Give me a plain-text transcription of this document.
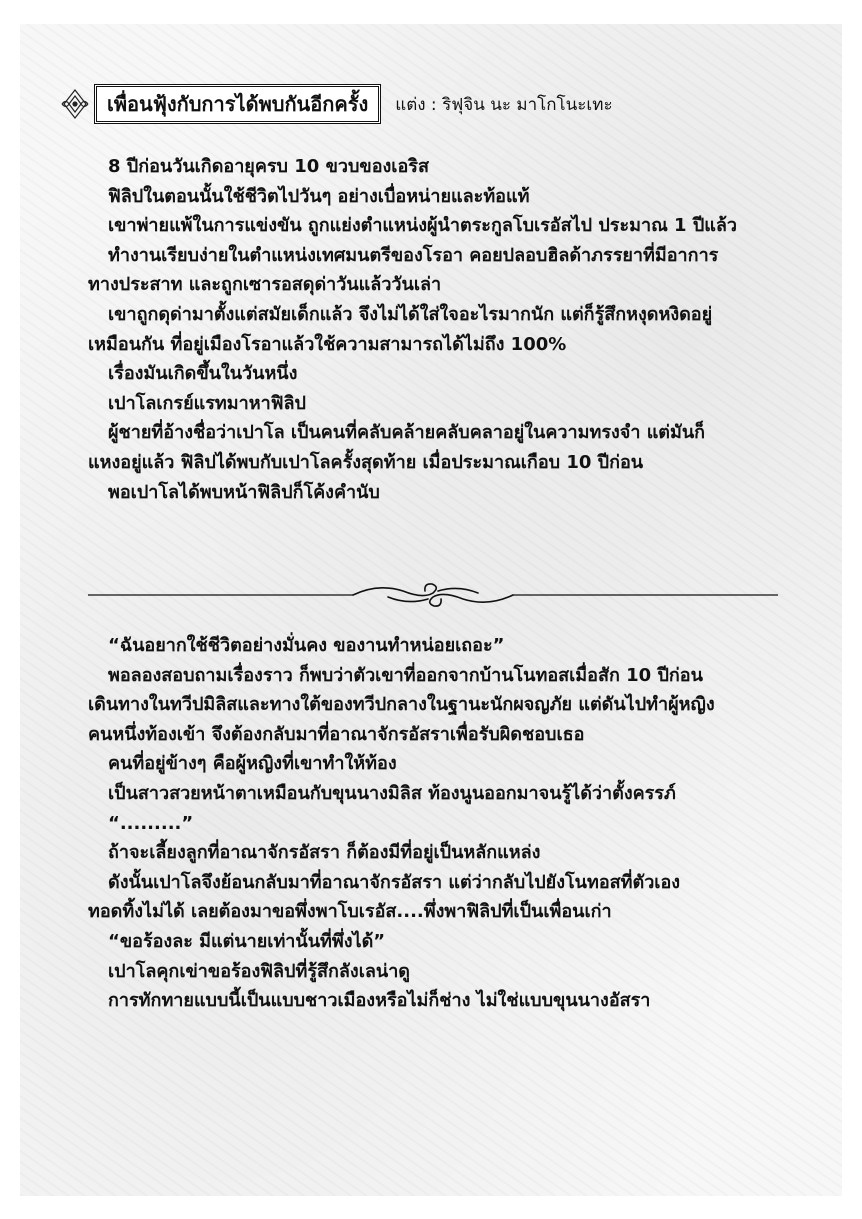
เพื่อนฟุ้งกับการได้พบกันอีกครั้ง	แต่ง : ริฟุจิน นะ มาโกโนะเทะ

8 ปีก่อนวันเกิดอายุครบ 10 ขวบของเอริส

ฟิลิปในตอนนั้นใช้ชีวิตไปวันๆ อย่างเบื่อหน่ายและท้อแท้

เขาพ่ายแพ้ในการแข่งขัน ถูกแย่งตำแหน่งผู้นำตระกูลโบเรอัสไป ประมาณ 1 ปีแล้ว

ทำงานเรียบง่ายในตำแหน่งเทศมนตรีของโรอา คอยปลอบฮิลด้าภรรยาที่มีอาการ

ทางประสาท และถูกเซารอสดุด่าวันแล้ววันเล่า

เขาถูกดุด่ามาตั้งแต่สมัยเด็กแล้ว จึงไม่ได้ใส่ใจอะไรมากนัก แต่ก็รู้สึกหงุดหงิดอยู่

เหมือนกัน ที่อยู่เมืองโรอาแล้วใช้ความสามารถได้ไม่ถึง 100%

เรื่องมันเกิดขึ้นในวันหนึ่ง

เปาโลเกรย์แรทมาหาฟิลิป

ผู้ชายที่อ้างชื่อว่าเปาโล เป็นคนที่คลับคล้ายคลับคลาอยู่ในความทรงจำ แต่มันก็

แหงอยู่แล้ว ฟิลิปได้พบกับเปาโลครั้งสุดท้าย เมื่อประมาณเกือบ 10 ปีก่อน

พอเปาโลได้พบหน้าฟิลิปก็โค้งคำนับ

“ฉันอยากใช้ชีวิตอย่างมั่นคง ของานทำหน่อยเถอะ”

พอลองสอบถามเรื่องราว ก็พบว่าตัวเขาที่ออกจากบ้านโนทอสเมื่อสัก 10 ปีก่อน

เดินทางในทวีปมิลิสและทางใต้ของทวีปกลางในฐานะนักผจญภัย แต่ดันไปทำผู้หญิง

คนหนึ่งท้องเข้า จึงต้องกลับมาที่อาณาจักรอัสราเพื่อรับผิดชอบเธอ

คนที่อยู่ข้างๆ คือผู้หญิงที่เขาทำให้ท้อง

เป็นสาวสวยหน้าตาเหมือนกับขุนนางมิลิส ท้องนูนออกมาจนรู้ได้ว่าตั้งครรภ์

“.........”

ถ้าจะเลี้ยงลูกที่อาณาจักรอัสรา ก็ต้องมีที่อยู่เป็นหลักแหล่ง

ดังนั้นเปาโลจึงย้อนกลับมาที่อาณาจักรอัสรา แต่ว่ากลับไปยังโนทอสที่ตัวเอง

ทอดทิ้งไม่ได้ เลยต้องมาขอพึ่งพาโบเรอัส....พึ่งพาฟิลิปที่เป็นเพื่อนเก่า

“ขอร้องละ มีแต่นายเท่านั้นที่พึ่งได้”

เปาโลคุกเข่าขอร้องฟิลิปที่รู้สึกลังเลน่าดู

การทักทายแบบนี้เป็นแบบชาวเมืองหรือไม่ก็ช่าง ไม่ใช่แบบขุนนางอัสรา
